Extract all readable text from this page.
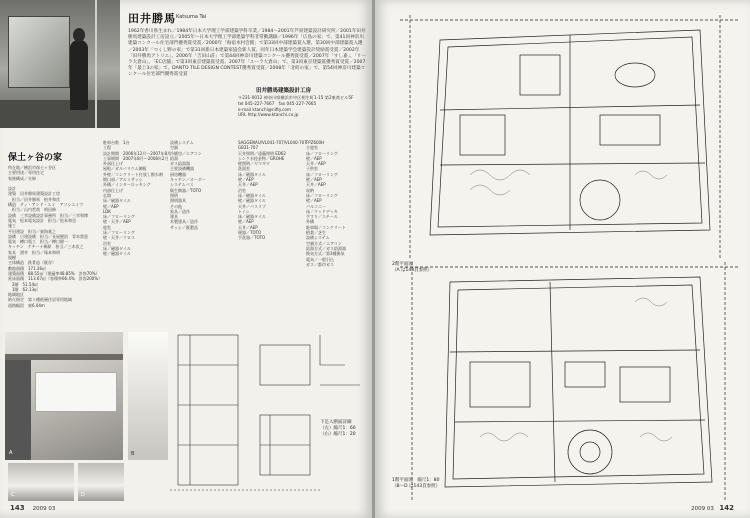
田井勝馬 Katsuma Tai
1962年香川県生まれ／1984年日本大学理工学部建築学科卒業／1984〜2001年芦原建築設計研究所／2001年田井勝馬建築設計工房設立／2005年〜日本大学理工学部建築学科非常勤講師／1996年「広島の家」で、第41回神奈川建築コンクール住宅部門優秀賞受賞／2000年「海宿木村会館」で第33回中部建築賞入選、第30回中部建築賞入選／2003年「つくし野の家」で第31回新日本建築家協会新人賞、同年日本建築学会建築設計奨励賞受賞／2002年「田井勝馬アトリエ」、2006年「吉田山荘」で第44回神奈川建築コンクール優秀賞受賞／2007年「すし嘉」、「リーラ大倉山」、「EC店舗」で第3回東京建築賞受賞、2007年「ユーラ大倉山」で、第3回東京建築賞優秀賞受賞／2007年「最上3の家」で、DANTO TILE DESIGN CONTEST優秀賞受賞／2008年「北町の家」で、第54回神奈川建築コンクール住宅部門優秀賞受賞
田井勝馬建築設計工房
〒231-0012 神奈川県横浜市中区相生町1-15 第2東商ビル5F
tel 045-227-7667　 fax 045-227-7665
e-mail ktanchi@nifty.com
URL http://www.ktanchi.co.jp
保土ヶ谷の家
所在地／横浜市保土ヶ谷区
主要用途／専用住宅
家族構成／夫婦

設計
建築　田井勝馬建築設計工房
　担当／田井勝馬　柏井和彦
構造　ティ・アンド・エイ　アソシエイツ
　担当／山内哲哉　相田修
設備　三幸設備設計事務所　担当／三幸和博
電気　松本電気設計　担当／松本和也
施工
平田建設　担当／東海基之
設備　日建設備　担当／長屋健治　青木貴恵
電気　樽口電工　担当／樽口健一
キッチン　ケチーナ桐原　担当／三木次之
家具　酒井　担当／塚本和明
規模
主体構造　鉄骨造（既存）
敷地面積　171.36㎡
建築面積　88.55㎡（建蔽率48.85%　許容70%）
延床面積　113.67㎡（容積率66.4%　許容200%）
　2階　51.54㎡
　1階　62.13㎡
地域地区
防火指定　第１種低層住居専用地域
道路幅員　東6.04m
駐車台数　1台
工程
設計期間　2006年12月〜2007年8月
工事期間　2007年8月〜2008年2月
外部仕上げ
屋根／ガルバリウム鋼板
外壁／コンクリート打放し撥水剤
開口部／アルミサッシ
外構／インターロッキング
内部仕上げ
玄関
床／磁器タイル
壁／AEP
LDK
床／フローリング
壁・天井／AEP
寝室
床／フローリング
壁・天井／クロス
浴室
床／磁器タイル
壁／磁器タイル
設備システム
空調
冷暖房／エアコン
給湯
ガス給湯器
主要設備機器
厨房機器
キッチン／オーダー
システムバス
衛生陶器／TOTO
照明
照明器具
その他
家具／造作
建具
木製建具／造作
サッシ／既製品
SAGGENAU/VL041-707/VL040-707
GB31-707
天井照明／遠藤照明 ED62
シンク水栓金物／GROHE
壁照明／ヤマギワ
洗面室
床／磁器タイル
壁／AEP
天井／AEP
浴室
床／磁器タイル
壁／磁器タイル
天井／バスリブ
トイレ
床／磁器タイル
壁／AEP
天井／AEP
便器／TOTO
手洗器／TOTO
FPZ600H
主寝室
床／フローリング
壁／AEP
天井／AEP
子供室
床／フローリング
壁／AEP
天井／AEP
収納
床／フローリング
壁／AEP
バルコニー
床／ウッドデッキ
手すり／スチール
外構
駐車場／コンクリート
植栽／芝生
設備システム
空調方式／エアコン
給湯方式／ガス給湯器
換気方式／第3種換気
電気／一般引込
ガス／都市ガス
A	B
C	D
下足入断面詳細
（左）縮尺1：60
（右）縮尺1：20
143 2009 03	2009 03　 142
2階平面図
（A は143頁参照）
1階平面図　縮尺1：80
（B〜D は143頁参照）
